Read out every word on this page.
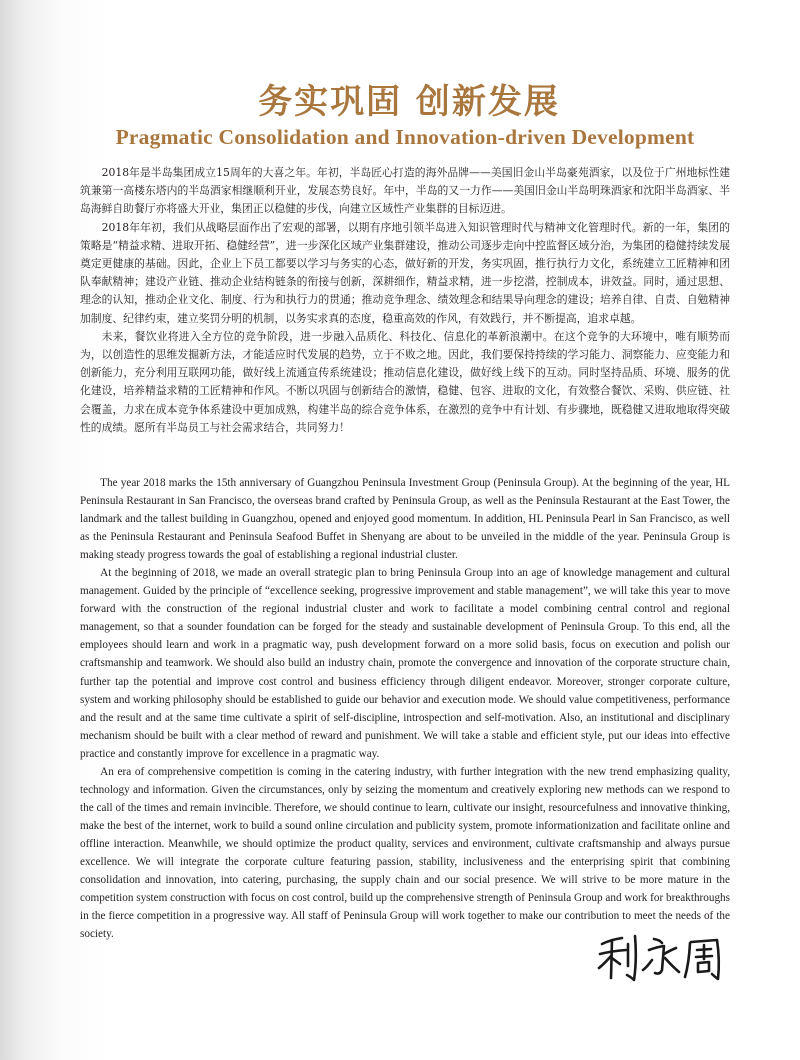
务实巩固 创新发展
Pragmatic Consolidation and Innovation-driven Development

2018年是半岛集团成立15周年的大喜之年。年初，半岛匠心打造的海外品牌——美国旧金山半岛豪苑酒家，以及位于广州地标性建筑兼第一高楼东塔内的半岛酒家相继顺利开业，发展态势良好。年中，半岛的又一力作——美国旧金山半岛明珠酒家和沈阳半岛酒家、半岛海鲜自助餐厅亦将盛大开业，集团正以稳健的步伐，向建立区域性产业集群的目标迈进。

2018年年初，我们从战略层面作出了宏观的部署，以期有序地引领半岛进入知识管理时代与精神文化管理时代。新的一年，集团的策略是“精益求精、进取开拓、稳健经营”，进一步深化区域产业集群建设，推动公司逐步走向中控监督区域分治，为集团的稳健持续发展奠定更健康的基础。因此，企业上下员工都要以学习与务实的心态，做好新的开发，务实巩固，推行执行力文化，系统建立工匠精神和团队奉献精神；建设产业链、推动企业结构链条的衔接与创新，深耕细作，精益求精，进一步挖潜，控制成本，讲效益。同时，通过思想、理念的认知，推动企业文化、制度、行为和执行力的贯通；推动竞争理念、绩效理念和结果导向理念的建设；培养自律、自责、自勉精神加制度、纪律约束，建立奖罚分明的机制，以务实求真的态度，稳重高效的作风，有效践行，并不断提高，追求卓越。

未来，餐饮业将进入全方位的竞争阶段，进一步融入品质化、科技化、信息化的革新浪潮中。在这个竞争的大环境中，唯有顺势而为，以创造性的思维发掘新方法，才能适应时代发展的趋势，立于不败之地。因此，我们要保持持续的学习能力、洞察能力、应变能力和创新能力，充分利用互联网功能，做好线上流通宣传系统建设；推动信息化建设，做好线上线下的互动。同时坚持品质、环境、服务的优化建设，培养精益求精的工匠精神和作风。不断以巩固与创新结合的激情，稳健、包容、进取的文化，有效整合餐饮、采购、供应链、社会覆盖，力求在成本竞争体系建设中更加成熟，构建半岛的综合竞争体系，在激烈的竞争中有计划、有步骤地，既稳健又进取地取得突破性的成绩。愿所有半岛员工与社会需求结合，共同努力！

The year 2018 marks the 15th anniversary of Guangzhou Peninsula Investment Group (Peninsula Group). At the beginning of the year, HL Peninsula Restaurant in San Francisco, the overseas brand crafted by Peninsula Group, as well as the Peninsula Restaurant at the East Tower, the landmark and the tallest building in Guangzhou, opened and enjoyed good momentum. In addition, HL Peninsula Pearl in San Francisco, as well as the Peninsula Restaurant and Peninsula Seafood Buffet in Shenyang are about to be unveiled in the middle of the year. Peninsula Group is making steady progress towards the goal of establishing a regional industrial cluster.

At the beginning of 2018, we made an overall strategic plan to bring Peninsula Group into an age of knowledge management and cultural management. Guided by the principle of “excellence seeking, progressive improvement and stable management”, we will take this year to move forward with the construction of the regional industrial cluster and work to facilitate a model combining central control and regional management, so that a sounder foundation can be forged for the steady and sustainable development of Peninsula Group. To this end, all the employees should learn and work in a pragmatic way, push development forward on a more solid basis, focus on execution and polish our craftsmanship and teamwork. We should also build an industry chain, promote the convergence and innovation of the corporate structure chain, further tap the potential and improve cost control and business efficiency through diligent endeavor. Moreover, stronger corporate culture, system and working philosophy should be established to guide our behavior and execution mode. We should value competitiveness, performance and the result and at the same time cultivate a spirit of self-discipline, introspection and self-motivation. Also, an institutional and disciplinary mechanism should be built with a clear method of reward and punishment. We will take a stable and efficient style, put our ideas into effective practice and constantly improve for excellence in a pragmatic way.

An era of comprehensive competition is coming in the catering industry, with further integration with the new trend emphasizing quality, technology and information. Given the circumstances, only by seizing the momentum and creatively exploring new methods can we respond to the call of the times and remain invincible. Therefore, we should continue to learn, cultivate our insight, resourcefulness and innovative thinking, make the best of the internet, work to build a sound online circulation and publicity system, promote informationization and facilitate online and offline interaction. Meanwhile, we should optimize the product quality, services and environment, cultivate craftsmanship and always pursue excellence. We will integrate the corporate culture featuring passion, stability, inclusiveness and the enterprising spirit that combining consolidation and innovation, into catering, purchasing, the supply chain and our social presence. We will strive to be more mature in the competition system construction with focus on cost control, build up the comprehensive strength of Peninsula Group and work for breakthroughs in the fierce competition in a progressive way. All staff of Peninsula Group will work together to make our contribution to meet the needs of the society.
